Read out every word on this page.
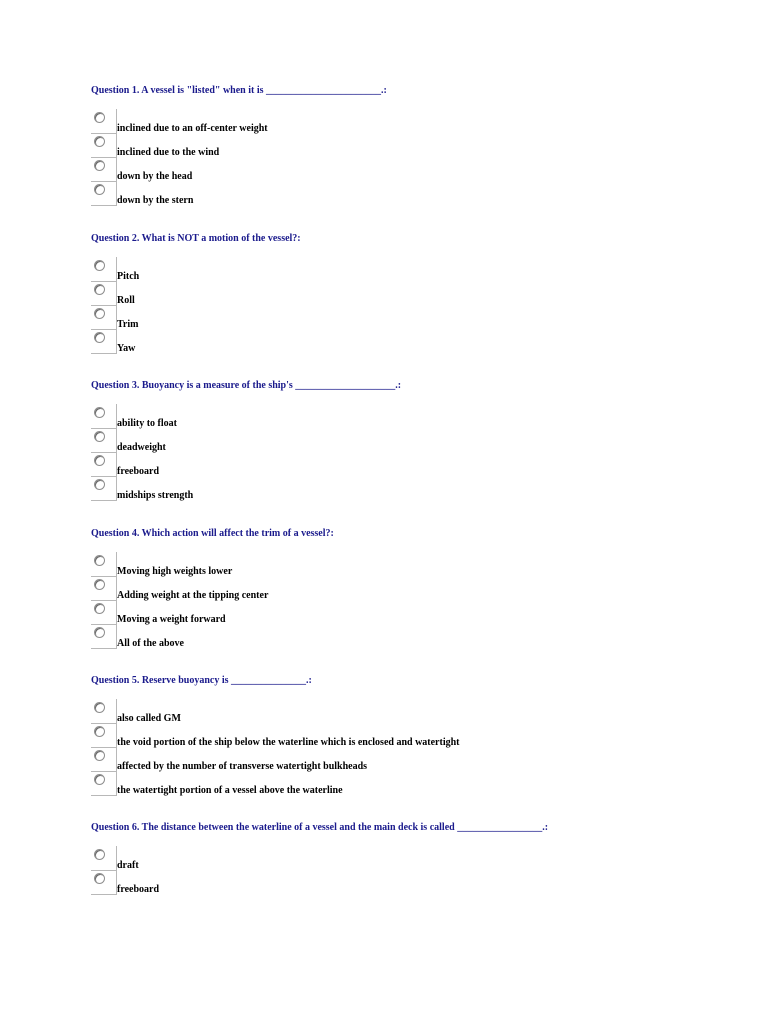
Question 1. A vessel is "listed" when it is _______________________.:

inclined due to an off-center weight
inclined due to the wind
down by the head
down by the stern

Question 2. What is NOT a motion of the vessel?:

Pitch
Roll
Trim
Yaw

Question 3. Buoyancy is a measure of the ship's ____________________.:

ability to float
deadweight
freeboard
midships strength

Question 4. Which action will affect the trim of a vessel?:

Moving high weights lower
Adding weight at the tipping center
Moving a weight forward
All of the above

Question 5. Reserve buoyancy is _______________.:

also called GM
the void portion of the ship below the waterline which is enclosed and watertight
affected by the number of transverse watertight bulkheads
the watertight portion of a vessel above the waterline

Question 6. The distance between the waterline of a vessel and the main deck is called _________________.:

draft
freeboard
